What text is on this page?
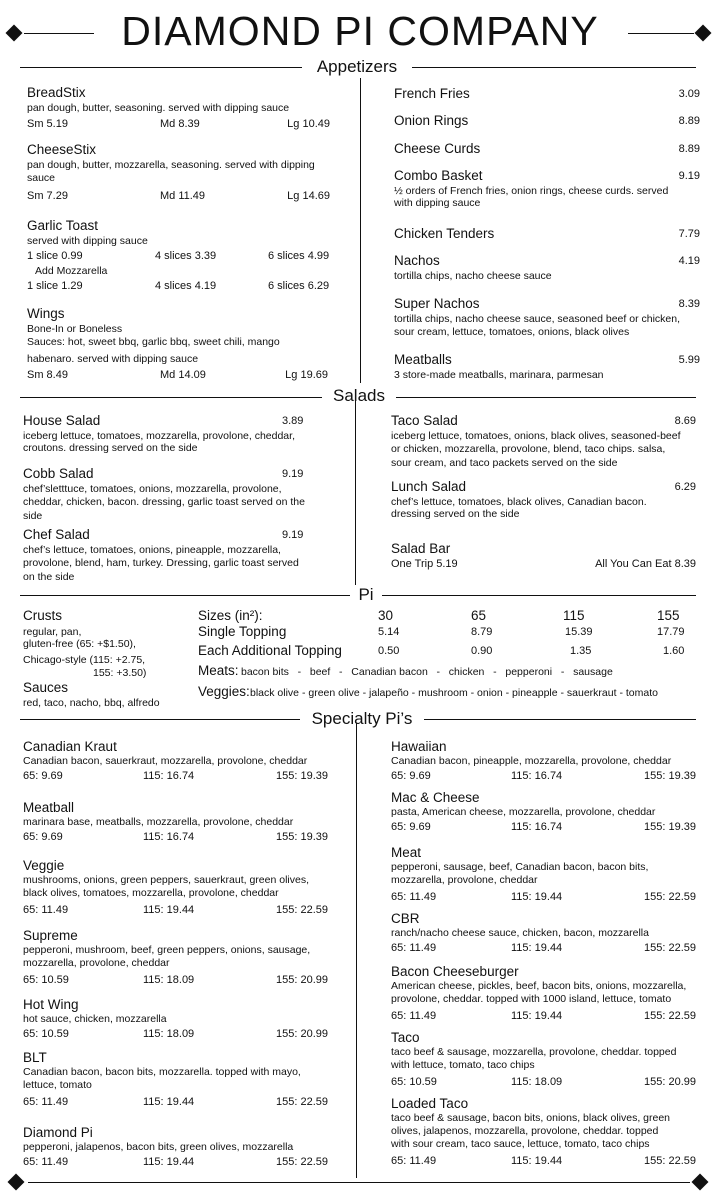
DIAMOND PI COMPANY
Appetizers
BreadStix
pan dough, butter, seasoning. served with dipping sauce
Sm 5.19	Md 8.39	Lg 10.49
CheeseStix
pan dough, butter, mozzarella, seasoning. served with dipping
sauce
Sm 7.29	Md 11.49	Lg 14.69
Garlic Toast
served with dipping sauce
1 slice 0.99	4 slices 3.39	6 slices 4.99
Add Mozzarella
1 slice 1.29	4 slices 4.19	6 slices 6.29
Wings
Bone-In or Boneless
Sauces: hot, sweet bbq, garlic bbq, sweet chili, mango
habenaro. served with dipping sauce
Sm 8.49	Md 14.09	Lg 19.69
French Fries	3.09
Onion Rings	8.89
Cheese Curds	8.89
Combo Basket	9.19
½ orders of French fries, onion rings, cheese curds. served
with dipping sauce
Chicken Tenders	7.79
Nachos	4.19
tortilla chips, nacho cheese sauce
Super Nachos	8.39
tortilla chips, nacho cheese sauce, seasoned beef or chicken,
sour cream, lettuce, tomatoes, onions, black olives
Meatballs	5.99
3 store-made meatballs, marinara, parmesan
Salads
House Salad	3.89
iceberg lettuce, tomatoes, mozzarella, provolone, cheddar,
croutons. dressing served on the side
Cobb Salad	9.19
chef’sletttuce, tomatoes, onions, mozzarella, provolone,
cheddar, chicken, bacon. dressing, garlic toast served on the
side
Chef Salad	9.19
chef’s lettuce, tomatoes, onions, pineapple, mozzarella,
provolone, blend, ham, turkey. Dressing, garlic toast served
on the side
Taco Salad	8.69
iceberg lettuce, tomatoes, onions, black olives, seasoned-beef
or chicken, mozzarella, provolone, blend, taco chips. salsa,
sour cream, and taco packets served on the side
Lunch Salad	6.29
chef’s lettuce, tomatoes, black olives, Canadian bacon.
dressing served on the side
Salad Bar
One Trip 5.19	All You Can Eat 8.39
Pi
Crusts
regular, pan,
gluten-free (65: +$1.50),
Chicago-style (115: +2.75,
155: +3.50)
Sauces
red, taco, nacho, bbq, alfredo
Sizes (in²):	30	65	115	155
Single Topping	5.14	8.79	15.39	17.79
Each Additional Topping	0.50	0.90	1.35	1.60
Meats: bacon bits   -   beef   -   Canadian bacon   -   chicken   -   pepperoni   -   sausage
Veggies: black olive - green olive - jalapeño - mushroom - onion - pineapple - sauerkraut - tomato
Specialty Pi’s
Canadian Kraut
Canadian bacon, sauerkraut, mozzarella, provolone, cheddar
65: 9.69	115: 16.74	155: 19.39
Meatball
marinara base, meatballs, mozzarella, provolone, cheddar
65: 9.69	115: 16.74	155: 19.39
Veggie
mushrooms, onions, green peppers, sauerkraut, green olives,
black olives, tomatoes, mozzarella, provolone, cheddar
65: 11.49	115: 19.44	155: 22.59
Supreme
pepperoni, mushroom, beef, green peppers, onions, sausage,
mozzarella, provolone, cheddar
65: 10.59	115: 18.09	155: 20.99
Hot Wing
hot sauce, chicken, mozzarella
65: 10.59	115: 18.09	155: 20.99
BLT
Canadian bacon, bacon bits, mozzarella. topped with mayo,
lettuce, tomato
65: 11.49	115: 19.44	155: 22.59
Diamond Pi
pepperoni, jalapenos, bacon bits, green olives, mozzarella
65: 11.49	115: 19.44	155: 22.59
Hawaiian
Canadian bacon, pineapple, mozzarella, provolone, cheddar
65: 9.69	115: 16.74	155: 19.39
Mac & Cheese
pasta, American cheese, mozzarella, provolone, cheddar
65: 9.69	115: 16.74	155: 19.39
Meat
pepperoni, sausage, beef, Canadian bacon, bacon bits,
mozzarella, provolone, cheddar
65: 11.49	115: 19.44	155: 22.59
CBR
ranch/nacho cheese sauce, chicken, bacon, mozzarella
65: 11.49	115: 19.44	155: 22.59
Bacon Cheeseburger
American cheese, pickles, beef, bacon bits, onions, mozzarella,
provolone, cheddar. topped with 1000 island, lettuce, tomato
65: 11.49	115: 19.44	155: 22.59
Taco
taco beef & sausage, mozzarella, provolone, cheddar. topped
with lettuce, tomato, taco chips
65: 10.59	115: 18.09	155: 20.99
Loaded Taco
taco beef & sausage, bacon bits, onions, black olives, green
olives, jalapenos, mozzarella, provolone, cheddar. topped
with sour cream, taco sauce, lettuce, tomato, taco chips
65: 11.49	115: 19.44	155: 22.59
